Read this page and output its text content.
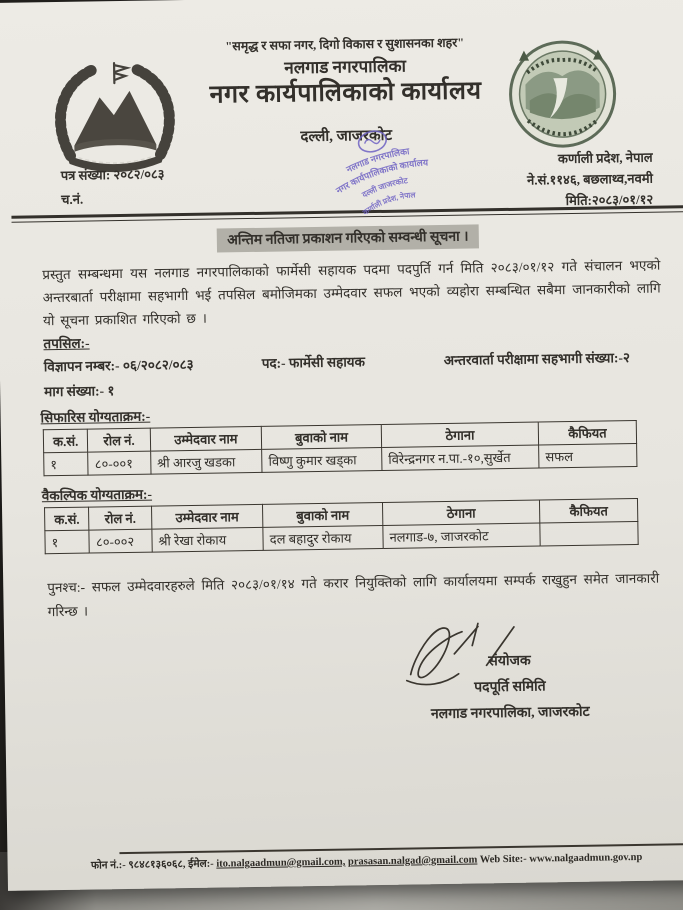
"समृद्ध र सफा नगर, दिगो विकास र सुशासनका शहर"
नलगाड नगरपालिका
नगर कार्यपालिकाको कार्यालय
दल्ली, जाजरकोट
पत्र संख्या: २०८२/०८३
च.नं.
कर्णाली प्रदेश, नेपाल
ने.सं.११४६, बछलाथ्व,नवमी
मिति:२०८३/०१/१२
नलगाड नगरपालिका
नगर कार्यपालिकाको कार्यालय
दल्ली जाजरकोट
कर्णाली प्रदेश, नेपाल
अन्तिम नतिजा प्रकाशन गरिएको सम्वन्धी सूचना ।

प्रस्तुत सम्बन्धमा यस नलगाड नगरपालिकाको फार्मेसी सहायक पदमा पदपुर्ति गर्न मिति २०८३/०१/१२ गते संचालन भएको अन्तरबार्ता परीक्षामा सहभागी भई तपसिल बमोजिमका उम्मेदवार सफल भएको व्यहोरा सम्बन्धित सबैमा जानकारीको लागि यो सूचना प्रकाशित गरिएको छ ।

तपसिल:-
विज्ञापन नम्बर:- ०६/२०८२/०८३	पद:- फार्मेसी सहायक	अन्तरवार्ता परीक्षामा सहभागी संख्या:-२
माग संख्या:- १
सिफारिस योग्यताक्रम:-
क.सं.	रोल नं.	उम्मेदवार नाम	बुवाको नाम	ठेगाना	कैफियत
१	८०-००१	श्री आरजु खडका	विष्णु कुमार खड्का	विरेन्द्रनगर न.पा.-१०,सुर्खेत	सफल
वैकल्पिक योग्यताक्रम:-
क.सं.	रोल नं.	उम्मेदवार नाम	बुवाको नाम	ठेगाना	कैफियत
१	८०-००२	श्री रेखा रोकाय	दल बहादुर रोकाय	नलगाड-७, जाजरकोट	

पुनश्च:- सफल उम्मेदवारहरुले मिति २०८३/०१/१४ गते करार नियुक्तिको लागि कार्यालयमा सम्पर्क राखुहुन समेत जानकारी गरिन्छ ।

संयोजक
पदपूर्ति समिति
नलगाड नगरपालिका, जाजरकोट
फोन नं.:- ९८४८१३६०६८, ईमेल:- ito.nalgaadmun@gmail.com, prasasan.nalgad@gmail.com Web Site:- www.nalgaadmun.gov.np
